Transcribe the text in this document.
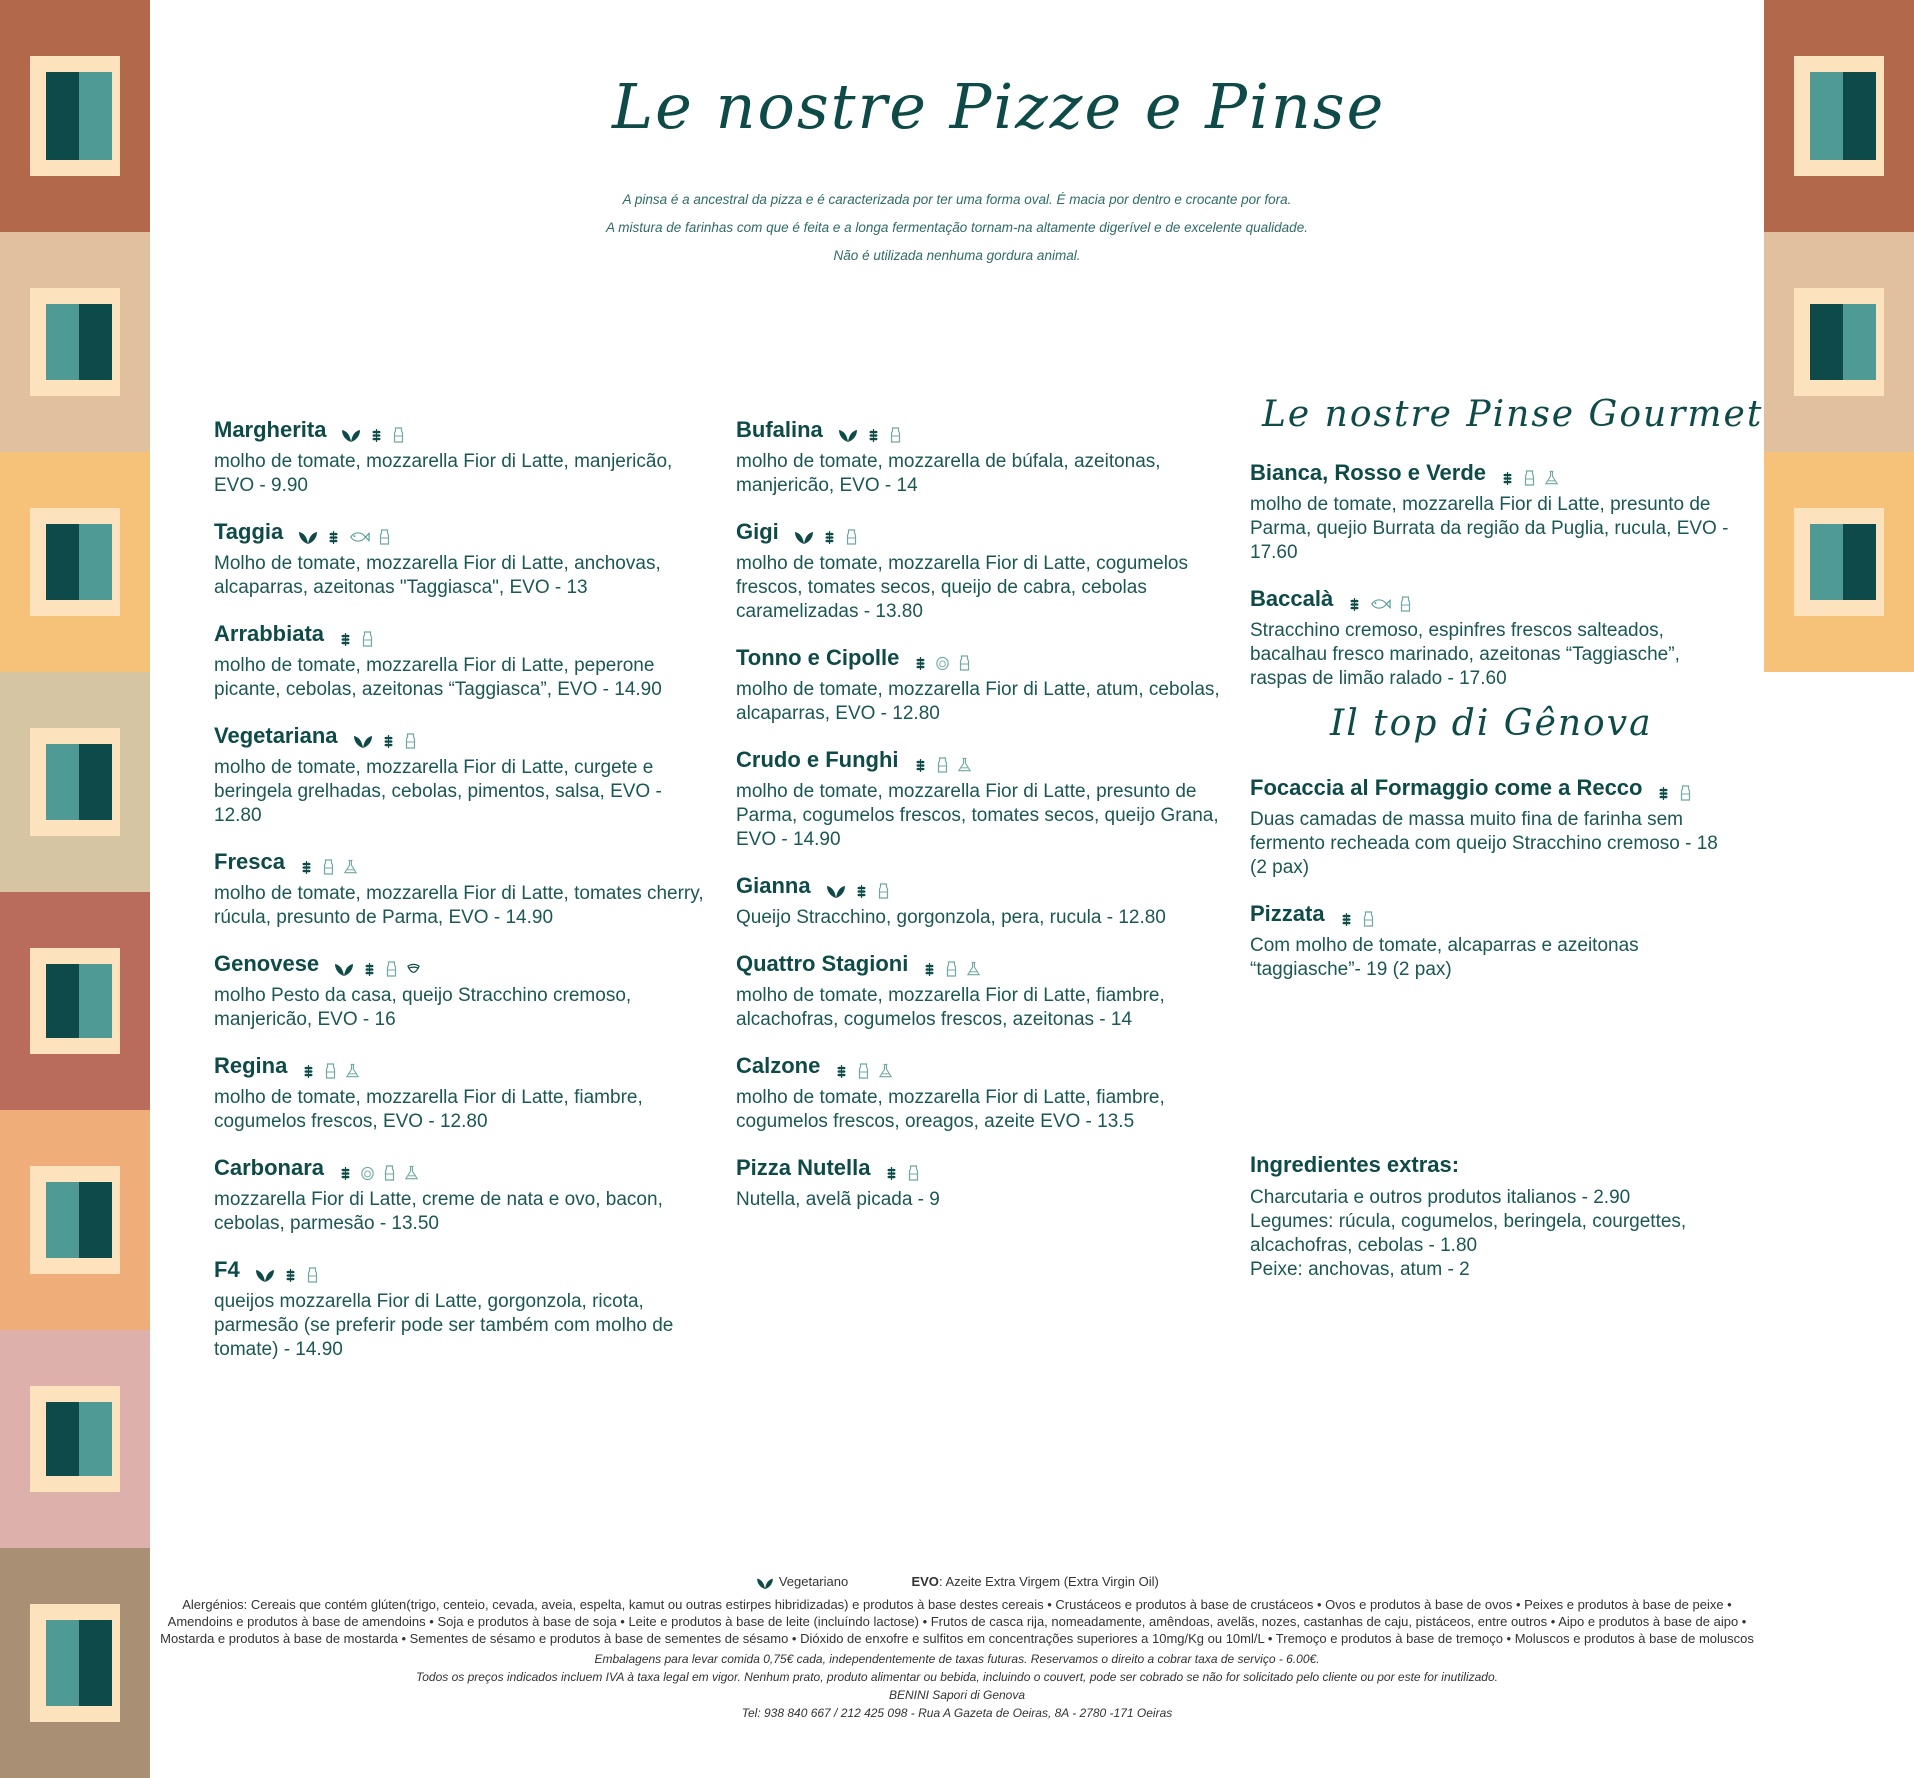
Le nostre Pizze e Pinse

A pinsa é a ancestral da pizza e é caracterizada por ter uma forma oval. É macia por dentro e crocante por fora.

A mistura de farinhas com que é feita e a longa fermentação tornam-na altamente digerível e de excelente qualidade.

Não é utilizada nenhuma gordura animal.

Margherita
molho de tomate, mozzarella Fior di Latte, manjericão, EVO - 9.90
Taggia
Molho de tomate, mozzarella Fior di Latte, anchovas, alcaparras, azeitonas "Taggiasca", EVO - 13
Arrabbiata
molho de tomate, mozzarella Fior di Latte, peperone picante, cebolas, azeitonas “Taggiasca”, EVO - 14.90
Vegetariana
molho de tomate, mozzarella Fior di Latte, curgete e beringela grelhadas, cebolas, pimentos, salsa, EVO - 12.80
Fresca
molho de tomate, mozzarella Fior di Latte, tomates cherry, rúcula, presunto de Parma, EVO - 14.90
Genovese
molho Pesto da casa, queijo Stracchino cremoso, manjericão, EVO - 16
Regina
molho de tomate, mozzarella Fior di Latte, fiambre, cogumelos frescos, EVO - 12.80
Carbonara
mozzarella Fior di Latte, creme de nata e ovo, bacon, cebolas, parmesão - 13.50
F4
queijos mozzarella Fior di Latte, gorgonzola, ricota, parmesão (se preferir pode ser também com molho de tomate) - 14.90
Bufalina
molho de tomate, mozzarella de búfala, azeitonas, manjericão, EVO - 14
Gigi
molho de tomate, mozzarella Fior di Latte, cogumelos frescos, tomates secos, queijo de cabra, cebolas caramelizadas - 13.80
Tonno e Cipolle
molho de tomate, mozzarella Fior di Latte, atum, cebolas, alcaparras, EVO - 12.80
Crudo e Funghi
molho de tomate, mozzarella Fior di Latte, presunto de Parma, cogumelos frescos, tomates secos, queijo Grana, EVO - 14.90
Gianna
Queijo Stracchino, gorgonzola, pera, rucula - 12.80
Quattro Stagioni
molho de tomate, mozzarella Fior di Latte, fiambre, alcachofras, cogumelos frescos, azeitonas - 14
Calzone
molho de tomate, mozzarella Fior di Latte, fiambre, cogumelos frescos, oreagos, azeite EVO - 13.5
Pizza Nutella
Nutella, avelã picada - 9
Le nostre Pinse Gourmet
Bianca, Rosso e Verde
molho de tomate, mozzarella Fior di Latte, presunto de Parma, quejio Burrata da região da Puglia, rucula, EVO - 17.60
Baccalà
Stracchino cremoso, espinfres frescos salteados, bacalhau fresco marinado, azeitonas “Taggiasche”, raspas de limão ralado - 17.60
Il top di Gênova
Focaccia al Formaggio come a Recco
Duas camadas de massa muito fina de farinha sem fermento recheada com queijo Stracchino cremoso - 18 (2 pax)
Pizzata
Com molho de tomate, alcaparras e azeitonas “taggiasche”- 19 (2 pax)

Ingredientes extras:

Charcutaria e outros produtos italianos - 2.90
Legumes: rúcula, cogumelos, beringela, courgettes, alcachofras, cebolas - 1.80
Peixe: anchovas, atum - 2
Vegetariano	EVO: Azeite Extra Virgem (Extra Virgin Oil)
Alergénios: Cereais que contém glúten(trigo, centeio, cevada, aveia, espelta, kamut ou outras estirpes hibridizadas) e produtos à base destes cereais • Crustáceos e produtos à base de crustáceos • Ovos e produtos à base de ovos • Peixes e produtos à base de peixe • Amendoins e produtos à base de amendoins • Soja e produtos à base de soja • Leite e produtos à base de leite (incluíndo lactose) • Frutos de casca rija, nomeadamente, amêndoas, avelãs, nozes, castanhas de caju, pistáceos, entre outros • Aipo e produtos à base de aipo • Mostarda e produtos à base de mostarda • Sementes de sésamo e produtos à base de sementes de sésamo • Dióxido de enxofre e sulfitos em concentrações superiores a 10mg/Kg ou 10ml/L • Tremoço e produtos à base de tremoço • Moluscos e produtos à base de moluscos

Embalagens para levar comida 0,75€ cada, independentemente de taxas futuras. Reservamos o direito a cobrar taxa de serviço - 6.00€.

Todos os preços indicados incluem IVA à taxa legal em vigor. Nenhum prato, produto alimentar ou bebida, incluindo o couvert, pode ser cobrado se não for solicitado pelo cliente ou por este for inutilizado.

BENINI Sapori di Genova

Tel: 938 840 667 / 212 425 098 - Rua A Gazeta de Oeiras, 8A - 2780 -171 Oeiras
